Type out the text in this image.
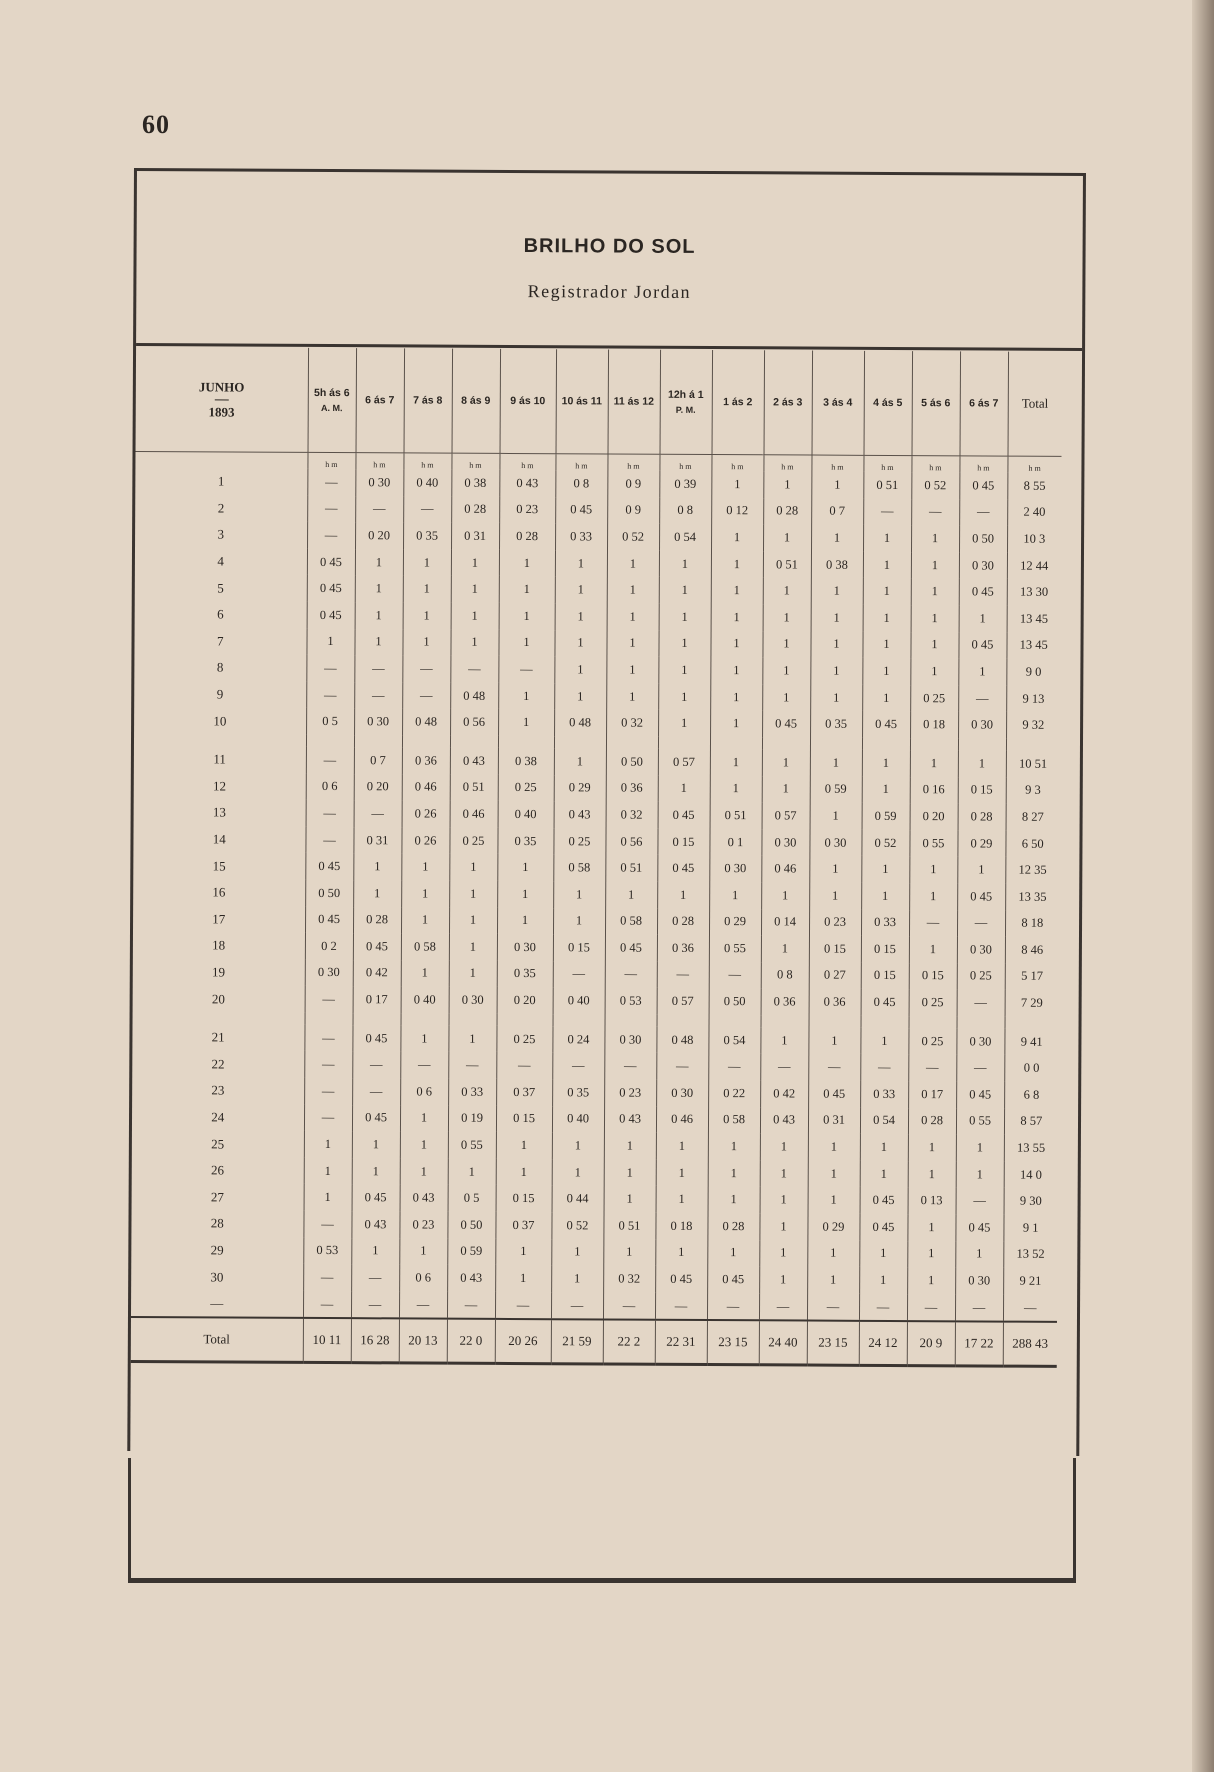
60
BRILHO DO SOL
Registrador Jordan
JUNHO
1893	5h ás 6
A. M.	6 ás 7	7 ás 8	8 ás 9	9 ás 10	10 ás 11	11 ás 12	12h á 1
P. M.	1 ás 2	2 ás 3	3 ás 4	4 ás 5	5 ás 6	6 ás 7	Total
	h m	h m	h m	h m	h m	h m	h m	h m	h m	h m	h m	h m	h m	h m	h m
1	—	0 30	0 40	0 38	0 43	0 8	0 9	0 39	1	1	1	0 51	0 52	0 45	8 55
2	—	—	—	0 28	0 23	0 45	0 9	0 8	0 12	0 28	0 7	—	—	—	2 40
3	—	0 20	0 35	0 31	0 28	0 33	0 52	0 54	1	1	1	1	1	0 50	10 3
4	0 45	1	1	1	1	1	1	1	1	0 51	0 38	1	1	0 30	12 44
5	0 45	1	1	1	1	1	1	1	1	1	1	1	1	0 45	13 30
6	0 45	1	1	1	1	1	1	1	1	1	1	1	1	1	13 45
7	1	1	1	1	1	1	1	1	1	1	1	1	1	0 45	13 45
8	—	—	—	—	—	1	1	1	1	1	1	1	1	1	9 0
9	—	—	—	0 48	1	1	1	1	1	1	1	1	0 25	—	9 13
10	0 5	0 30	0 48	0 56	1	0 48	0 32	1	1	0 45	0 35	0 45	0 18	0 30	9 32

11	—	0 7	0 36	0 43	0 38	1	0 50	0 57	1	1	1	1	1	1	10 51
12	0 6	0 20	0 46	0 51	0 25	0 29	0 36	1	1	1	0 59	1	0 16	0 15	9 3
13	—	—	0 26	0 46	0 40	0 43	0 32	0 45	0 51	0 57	1	0 59	0 20	0 28	8 27
14	—	0 31	0 26	0 25	0 35	0 25	0 56	0 15	0 1	0 30	0 30	0 52	0 55	0 29	6 50
15	0 45	1	1	1	1	0 58	0 51	0 45	0 30	0 46	1	1	1	1	12 35
16	0 50	1	1	1	1	1	1	1	1	1	1	1	1	0 45	13 35
17	0 45	0 28	1	1	1	1	0 58	0 28	0 29	0 14	0 23	0 33	—	—	8 18
18	0 2	0 45	0 58	1	0 30	0 15	0 45	0 36	0 55	1	0 15	0 15	1	0 30	8 46
19	0 30	0 42	1	1	0 35	—	—	—	—	0 8	0 27	0 15	0 15	0 25	5 17
20	—	0 17	0 40	0 30	0 20	0 40	0 53	0 57	0 50	0 36	0 36	0 45	0 25	—	7 29

21	—	0 45	1	1	0 25	0 24	0 30	0 48	0 54	1	1	1	0 25	0 30	9 41
22	—	—	—	—	—	—	—	—	—	—	—	—	—	—	0 0
23	—	—	0 6	0 33	0 37	0 35	0 23	0 30	0 22	0 42	0 45	0 33	0 17	0 45	6 8
24	—	0 45	1	0 19	0 15	0 40	0 43	0 46	0 58	0 43	0 31	0 54	0 28	0 55	8 57
25	1	1	1	0 55	1	1	1	1	1	1	1	1	1	1	13 55
26	1	1	1	1	1	1	1	1	1	1	1	1	1	1	14 0
27	1	0 45	0 43	0 5	0 15	0 44	1	1	1	1	1	0 45	0 13	—	9 30
28	—	0 43	0 23	0 50	0 37	0 52	0 51	0 18	0 28	1	0 29	0 45	1	0 45	9 1
29	0 53	1	1	0 59	1	1	1	1	1	1	1	1	1	1	13 52
30	—	—	0 6	0 43	1	1	0 32	0 45	0 45	1	1	1	1	0 30	9 21
—	—	—	—	—	—	—	—	—	—	—	—	—	—	—	—
Total	10 11	16 28	20 13	22 0	20 26	21 59	22 2	22 31	23 15	24 40	23 15	24 12	20 9	17 22	288 43
